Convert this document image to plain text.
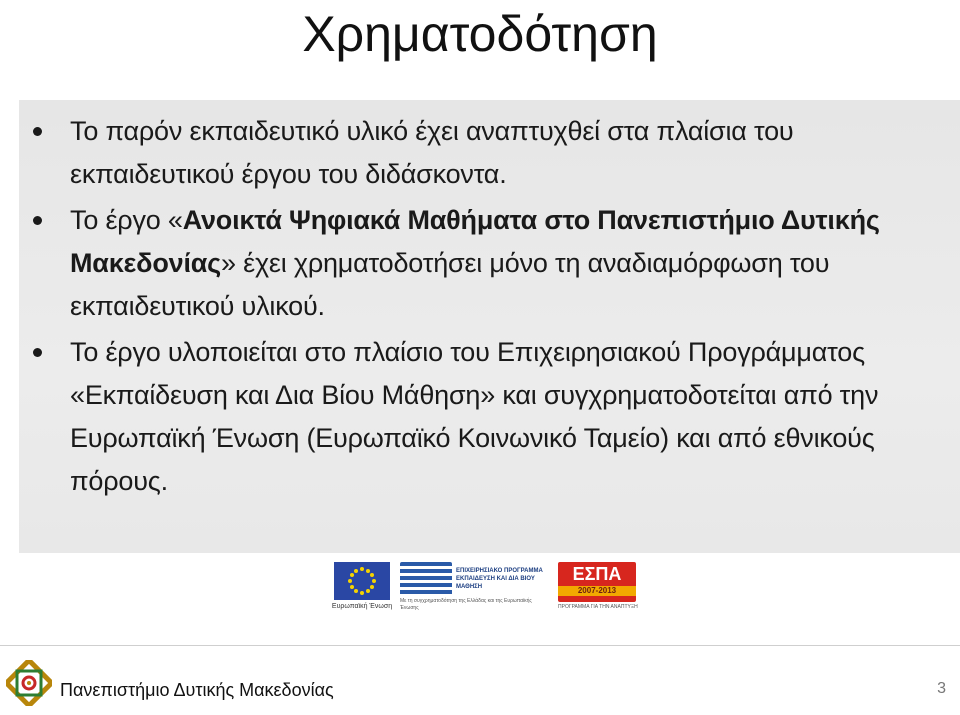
Χρηματοδότηση
Το παρόν εκπαιδευτικό υλικό έχει αναπτυχθεί στα πλαίσια του εκπαιδευτικού έργου του διδάσκοντα.
Το έργο «Ανοικτά Ψηφιακά Μαθήματα στο Πανεπιστήμιο Δυτικής Μακεδονίας» έχει χρηματοδοτήσει μόνο τη αναδιαμόρφωση του εκπαιδευτικού υλικού.
Το έργο υλοποιείται στο πλαίσιο του Επιχειρησιακού Προγράμματος «Εκπαίδευση και Δια Βίου Μάθηση» και συγχρηματοδοτείται από την Ευρωπαϊκή Ένωση (Ευρωπαϊκό Κοινωνικό Ταμείο) και από εθνικούς πόρους.
Ευρωπαϊκή Ένωση
ΕΠΙΧΕΙΡΗΣΙΑΚΟ ΠΡΟΓΡΑΜΜΑ ΕΚΠΑΙΔΕΥΣΗ ΚΑΙ ΔΙΑ ΒΙΟΥ ΜΑΘΗΣΗ
Με τη συγχρηματοδότηση της Ελλάδας και της Ευρωπαϊκής Ένωσης
ΕΣΠΑ
2007-2013
ΠΡΟΓΡΑΜΜΑ ΓΙΑ ΤΗΝ ΑΝΑΠΤΥΞΗ
Πανεπιστήμιο Δυτικής Μακεδονίας	3
